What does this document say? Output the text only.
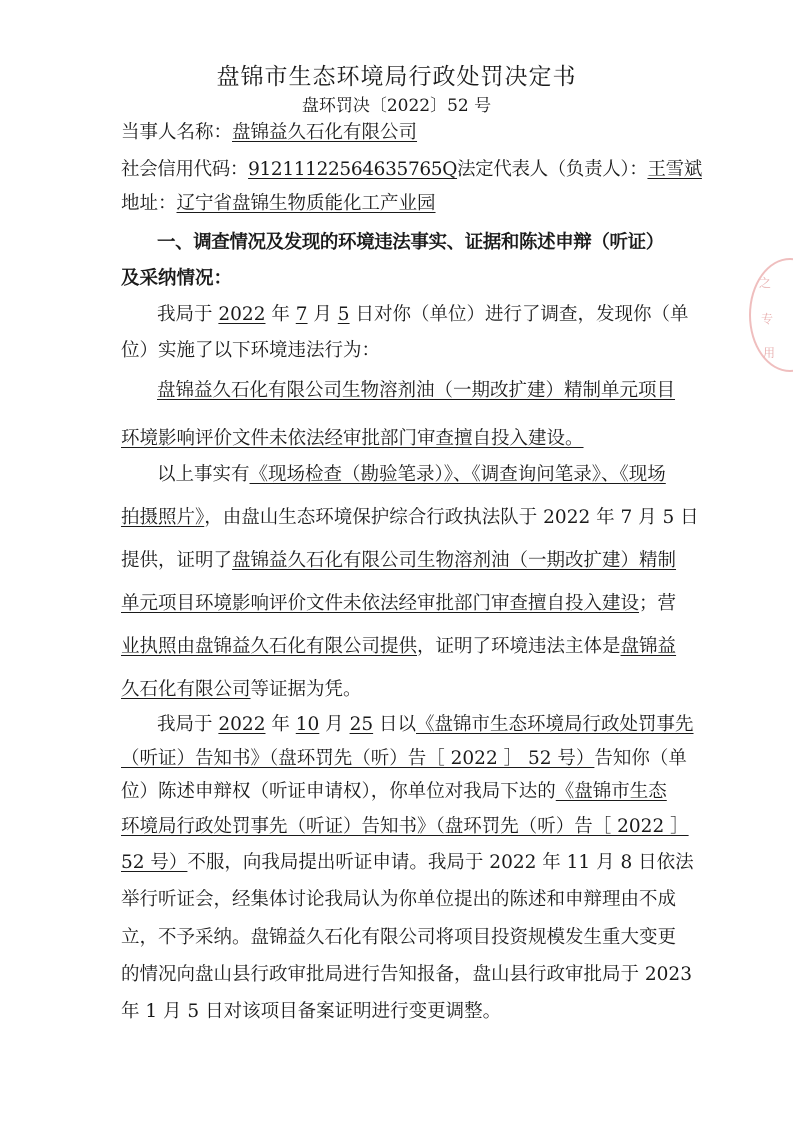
盘锦市生态环境局行政处罚决定书
盘环罚决〔2022〕52 号
当事人名称：盘锦益久石化有限公司
社会信用代码：91211122564635765Q法定代表人（负责人）：王雪斌
地址：辽宁省盘锦生物质能化工产业园
一、调查情况及发现的环境违法事实、证据和陈述申辩（听证）
及采纳情况：
我局于 2022 年 7 月 5 日对你（单位）进行了调查，发现你（单
位）实施了以下环境违法行为：
盘锦益久石化有限公司生物溶剂油（一期改扩建）精制单元项目
环境影响评价文件未依法经审批部门审查擅自投入建设。
以上事实有《现场检查（勘验笔录）》、《调查询问笔录》、《现场
拍摄照片》，由盘山生态环境保护综合行政执法队于 2022 年 7 月 5 日
提供，证明了盘锦益久石化有限公司生物溶剂油（一期改扩建）精制
单元项目环境影响评价文件未依法经审批部门审查擅自投入建设；营
业执照由盘锦益久石化有限公司提供，证明了环境违法主体是盘锦益
久石化有限公司等证据为凭。
我局于 2022 年 10 月 25 日以《盘锦市生态环境局行政处罚事先
（听证）告知书》（盘环罚先（听）告［ 2022 ］ 52 号）告知你（单
位）陈述申辩权（听证申请权），你单位对我局下达的《盘锦市生态
环境局行政处罚事先（听证）告知书》（盘环罚先（听）告［ 2022 ］
52 号）不服，向我局提出听证申请。我局于 2022 年 11 月 8 日依法
举行听证会，经集体讨论我局认为你单位提出的陈述和申辩理由不成
立，不予采纳。盘锦益久石化有限公司将项目投资规模发生重大变更
的情况向盘山县行政审批局进行告知报备，盘山县行政审批局于 2023
年 1 月 5 日对该项目备案证明进行变更调整。
之
专
用
